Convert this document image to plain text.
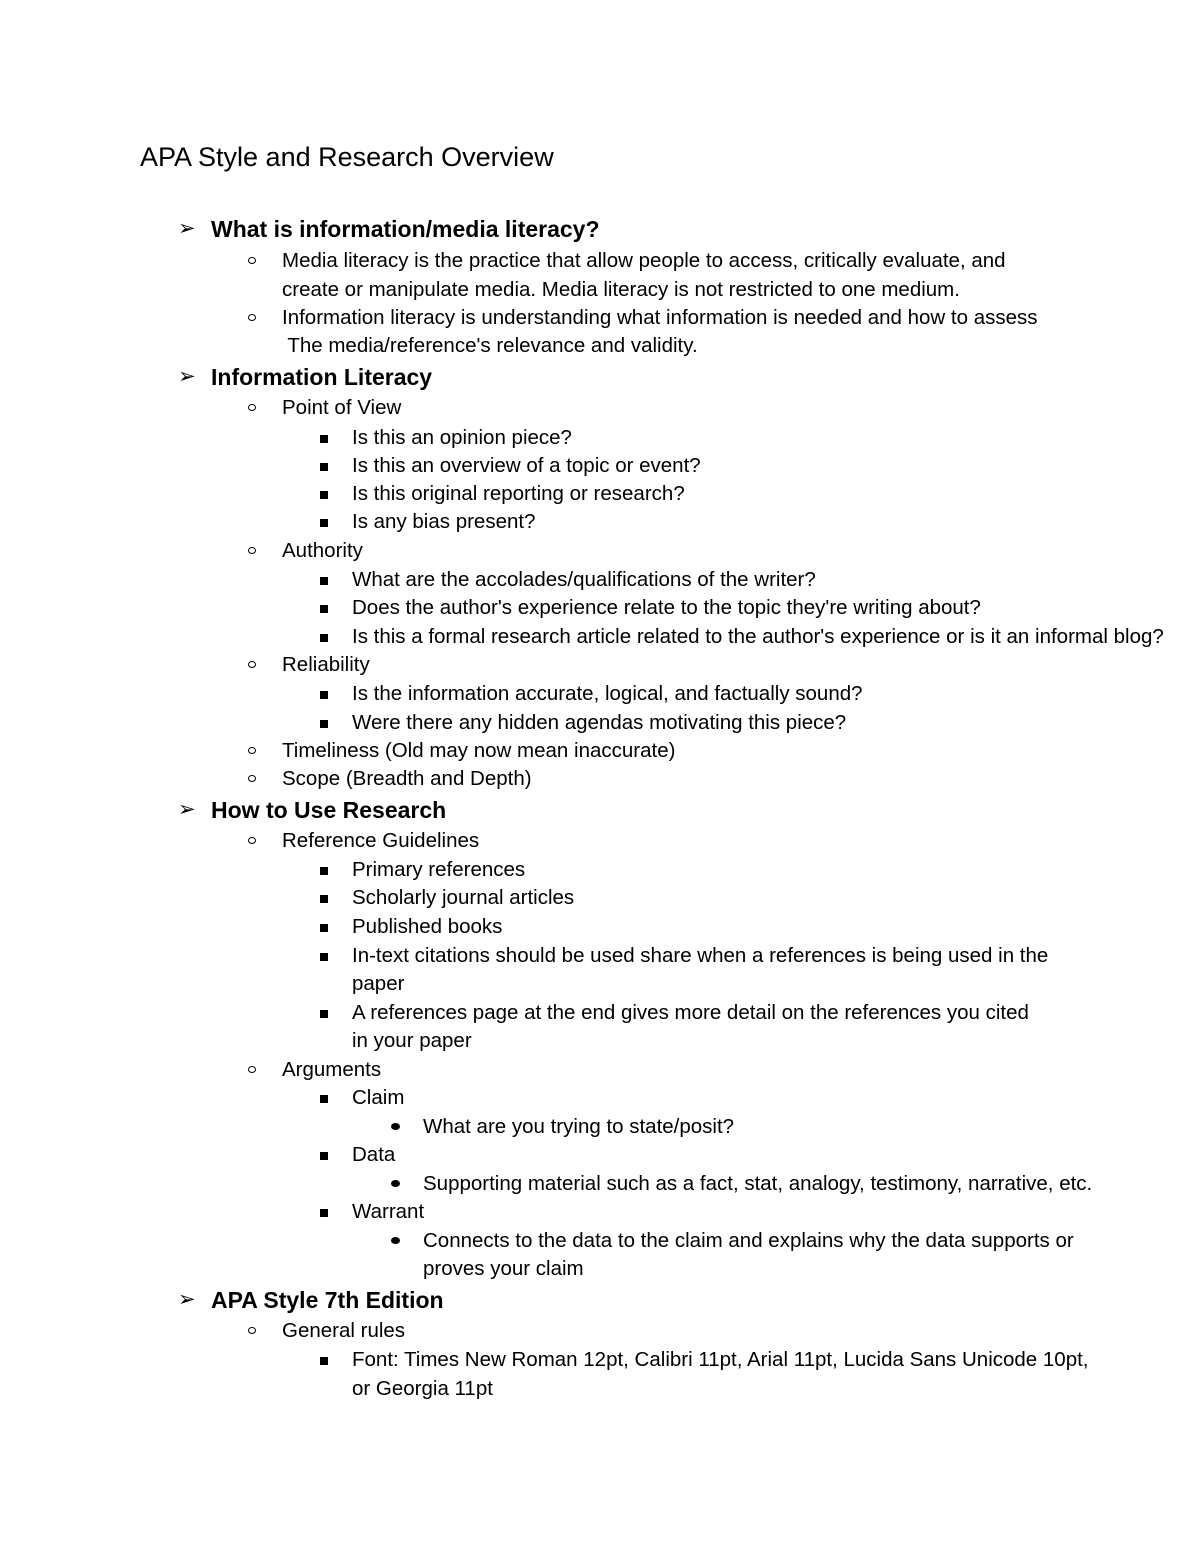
APA Style and Research Overview
➢ What is information/media literacy?
Media literacy is the practice that allow people to access, critically evaluate, and
create or manipulate media. Media literacy is not restricted to one medium.
Information literacy is understanding what information is needed and how to assess
The media/reference's relevance and validity.
➢ Information Literacy
Point of View
Is this an opinion piece?
Is this an overview of a topic or event?
Is this original reporting or research?
Is any bias present?
Authority
What are the accolades/qualifications of the writer?
Does the author's experience relate to the topic they're writing about?
Is this a formal research article related to the author's experience or is it an informal blog?
Reliability
Is the information accurate, logical, and factually sound?
Were there any hidden agendas motivating this piece?
Timeliness (Old may now mean inaccurate)
Scope (Breadth and Depth)
➢ How to Use Research
Reference Guidelines
Primary references
Scholarly journal articles
Published books
In-text citations should be used share when a references is being used in the
paper
A references page at the end gives more detail on the references you cited
in your paper
Arguments
Claim
What are you trying to state/posit?
Data
Supporting material such as a fact, stat, analogy, testimony, narrative, etc.
Warrant
Connects to the data to the claim and explains why the data supports or
proves your claim
➢ APA Style 7th Edition
General rules
Font: Times New Roman 12pt, Calibri 11pt, Arial 11pt, Lucida Sans Unicode 10pt,
or Georgia 11pt
